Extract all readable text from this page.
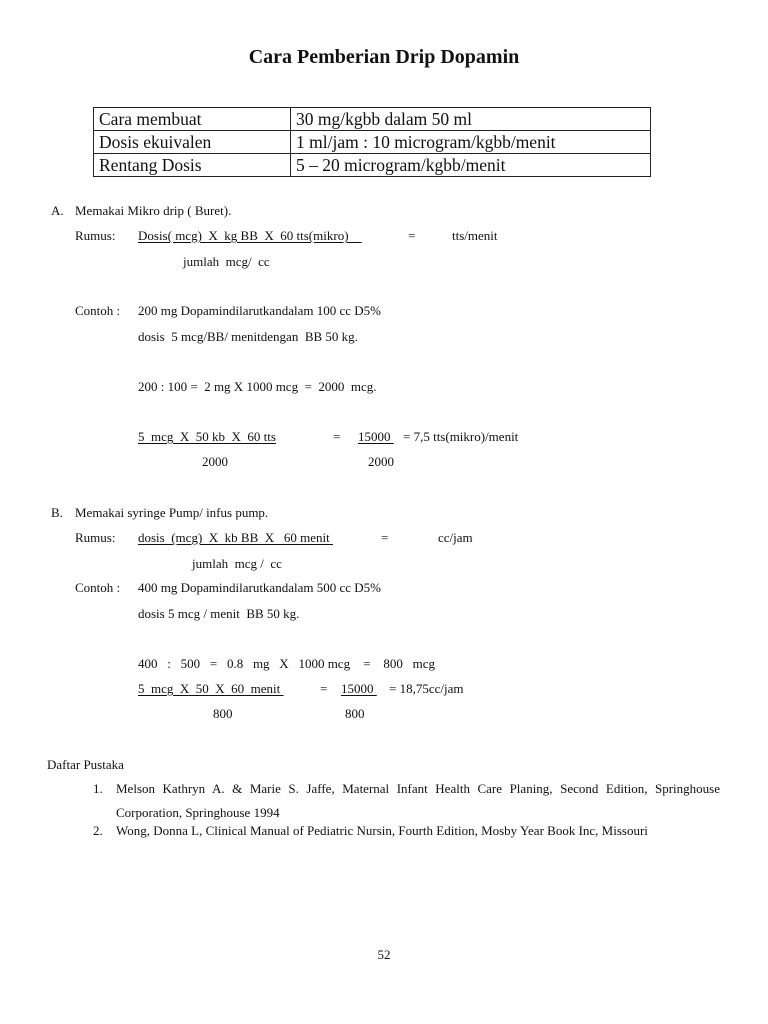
Cara Pemberian Drip Dopamin
Cara membuat	30 mg/kgbb dalam 50 ml
Dosis ekuivalen	1 ml/jam : 10 microgram/kgbb/menit
Rentang Dosis	5 – 20 microgram/kgbb/menit
A. Memakai Mikro drip ( Buret).
Rumus: Dosis( mcg)  X  kg BB  X  60 tts(mikro)	=	tts/menit
jumlah  mcg/  cc
Contoh : 200 mg Dopamindilarutkandalam 100 cc D5%
dosis  5 mcg/BB/ menitdengan  BB 50 kg.
200 : 100 =  2 mg X 1000 mcg  =  2000  mcg.
5  mcg  X  50 kb  X  60 tts	= 15000 = 7,5 tts(mikro)/menit
2000	2000
B. Memakai syringe Pump/ infus pump.
Rumus: dosis  (mcg)  X  kb BB  X   60 menit	=	cc/jam
jumlah  mcg /  cc
Contoh : 400 mg Dopamindilarutkandalam 500 cc D5%
dosis 5 mcg / menit  BB 50 kg.
400   :   500   =   0.8   mg   X   1000 mcg    =    800   mcg
5  mcg  X  50  X  60  menit	= 15000 = 18,75cc/jam
800	800
Daftar Pustaka
1. Melson Kathryn A. & Marie S. Jaffe, Maternal Infant Health Care Planing, Second Edition, Springhouse Corporation, Springhouse 1994
2. Wong, Donna L, Clinical Manual of Pediatric Nursin, Fourth Edition, Mosby Year Book Inc, Missouri
52
